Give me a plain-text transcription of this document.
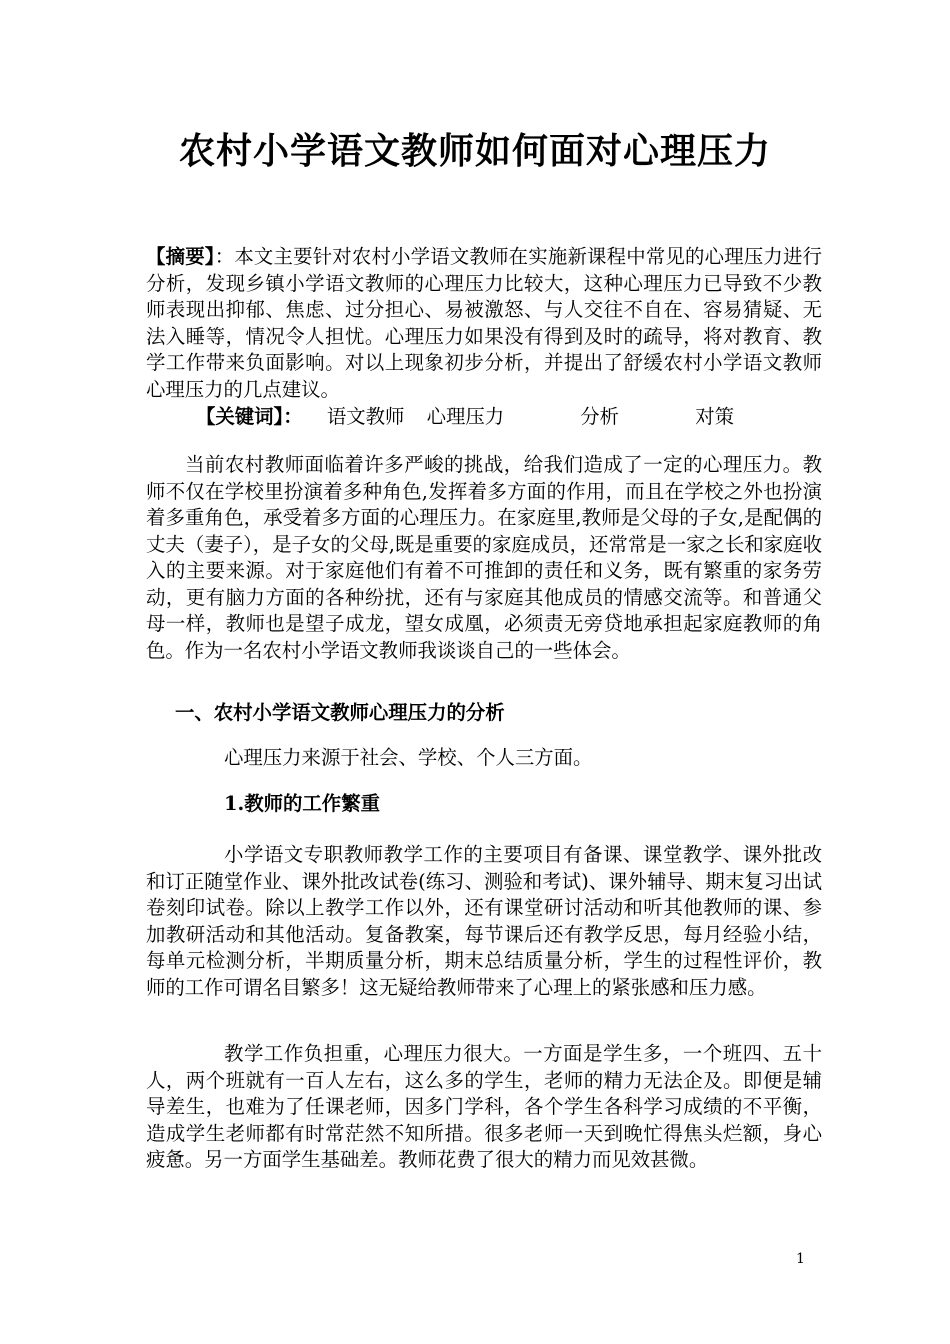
农村小学语文教师如何面对心理压力
【摘要】：本文主要针对农村小学语文教师在实施新课程中常见的心理压力进行分析，发现乡镇小学语文教师的心理压力比较大，这种心理压力已导致不少教师表现出抑郁、焦虑、过分担心、易被激怒、与人交往不自在、容易猜疑、无法入睡等，情况令人担忧。心理压力如果没有得到及时的疏导，将对教育、教学工作带来负面影响。对以上现象初步分析，并提出了舒缓农村小学语文教师心理压力的几点建议。
【关键词】： 语文教师 心理压力	分析	对策
当前农村教师面临着许多严峻的挑战，给我们造成了一定的心理压力。教师不仅在学校里扮演着多种角色,发挥着多方面的作用，而且在学校之外也扮演着多重角色，承受着多方面的心理压力。在家庭里,教师是父母的子女,是配偶的丈夫（妻子），是子女的父母,既是重要的家庭成员，还常常是一家之长和家庭收入的主要来源。对于家庭他们有着不可推卸的责任和义务，既有繁重的家务劳动，更有脑力方面的各种纷扰，还有与家庭其他成员的情感交流等。和普通父母一样，教师也是望子成龙，望女成凰，必须责无旁贷地承担起家庭教师的角色。作为一名农村小学语文教师我谈谈自己的一些体会。
一、农村小学语文教师心理压力的分析
心理压力来源于社会、学校、个人三方面。
1.教师的工作繁重
小学语文专职教师教学工作的主要项目有备课、课堂教学、课外批改和订正随堂作业、课外批改试卷(练习、测验和考试)、课外辅导、期末复习出试卷刻印试卷。除以上教学工作以外，还有课堂研讨活动和听其他教师的课、参加教研活动和其他活动。复备教案，每节课后还有教学反思，每月经验小结，每单元检测分析，半期质量分析，期末总结质量分析，学生的过程性评价，教师的工作可谓名目繁多！这无疑给教师带来了心理上的紧张感和压力感。
教学工作负担重，心理压力很大。一方面是学生多，一个班四、五十人，两个班就有一百人左右，这么多的学生，老师的精力无法企及。即便是辅导差生，也难为了任课老师，因多门学科，各个学生各科学习成绩的不平衡，造成学生老师都有时常茫然不知所措。很多老师一天到晚忙得焦头烂额，身心疲惫。另一方面学生基础差。教师花费了很大的精力而见效甚微。
1
